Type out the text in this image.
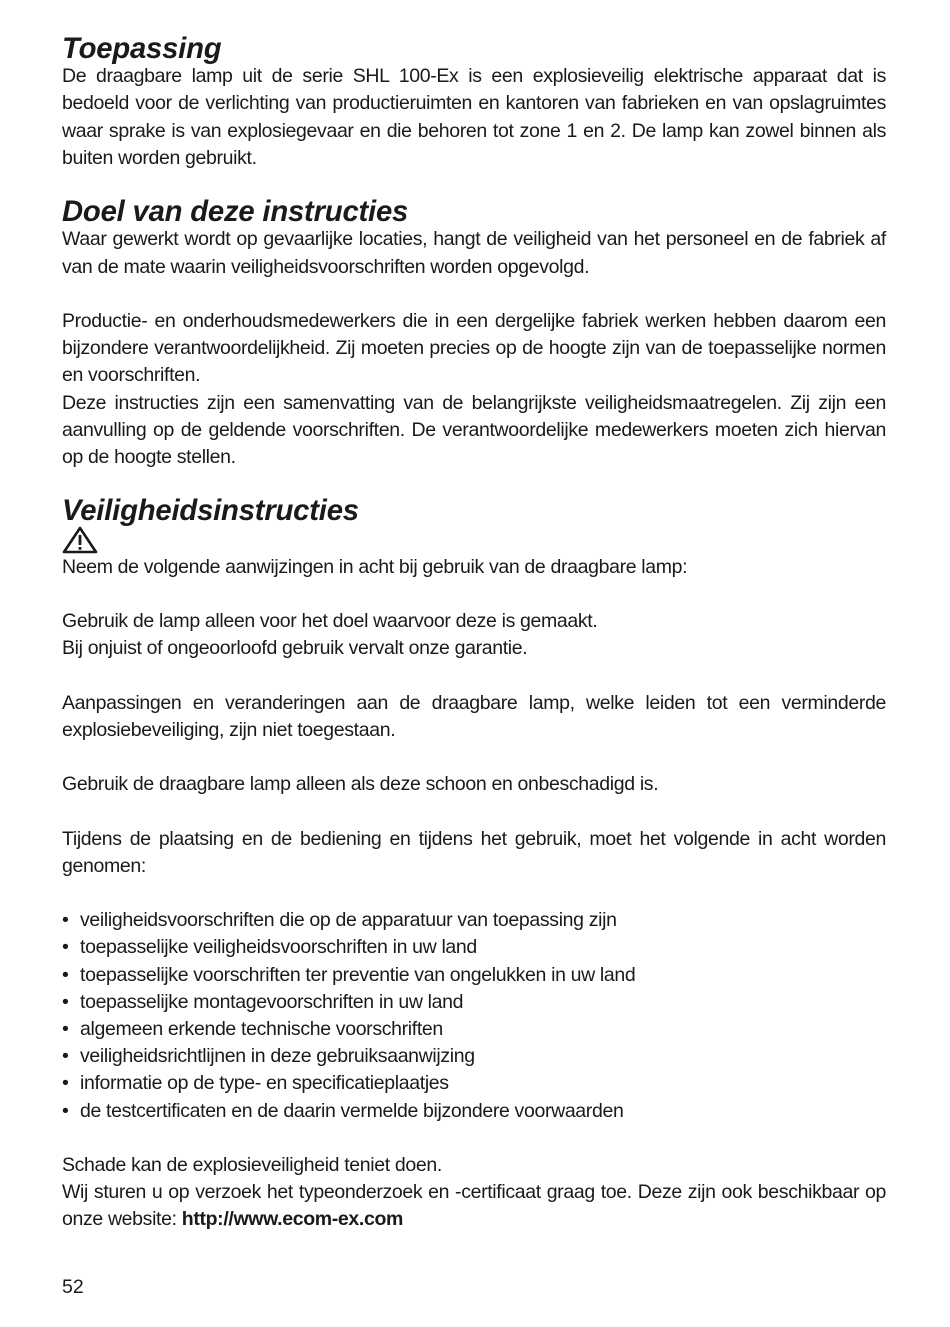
Toepassing

De draagbare lamp uit de serie SHL 100-Ex is een explosieveilig elektrische apparaat dat is bedoeld voor de verlichting van productieruimten en kantoren van fabrieken en van opslagruimtes waar sprake is van explosiegevaar en die behoren tot zone 1 en 2. De lamp kan zowel binnen als buiten worden gebruikt.

Doel van deze instructies

Waar gewerkt wordt op gevaarlijke locaties, hangt de veiligheid van het personeel en de fabriek af van de mate waarin veiligheidsvoorschriften worden opgevolgd.

Productie- en onderhoudsmedewerkers die in een dergelijke fabriek werken hebben daarom een bijzondere verantwoordelijkheid. Zij moeten precies op de hoogte zijn van de toepasselijke normen en voorschriften.

Deze instructies zijn een samenvatting van de belangrijkste veiligheidsmaatregelen. Zij zijn een aanvulling op de geldende voorschriften. De verantwoordelijke medewerkers moeten zich hiervan op de hoogte stellen.

Veiligheidsinstructies

Neem de volgende aanwijzingen in acht bij gebruik van de draagbare lamp:

Gebruik de lamp alleen voor het doel waarvoor deze is gemaakt.

Bij onjuist of ongeoorloofd gebruik vervalt onze garantie.

Aanpassingen en veranderingen aan de draagbare lamp, welke leiden tot een verminderde explosiebeveiliging, zijn niet toegestaan.

Gebruik de draagbare lamp alleen als deze schoon en onbeschadigd is.

Tijdens de plaatsing en de bediening en tijdens het gebruik, moet het volgende in acht worden genomen:

• veiligheidsvoorschriften die op de apparatuur van toepassing zijn
• toepasselijke veiligheidsvoorschriften in uw land
• toepasselijke voorschriften ter preventie van ongelukken in uw land
• toepasselijke montagevoorschriften in uw land
• algemeen erkende technische voorschriften
• veiligheidsrichtlijnen in deze gebruiksaanwijzing
• informatie op de type- en specificatieplaatjes
• de testcertificaten en de daarin vermelde bijzondere voorwaarden

Schade kan de explosieveiligheid teniet doen.

Wij sturen u op verzoek het typeonderzoek en -certificaat graag toe. Deze zijn ook beschikbaar op onze website: http://www.ecom-ex.com

52
